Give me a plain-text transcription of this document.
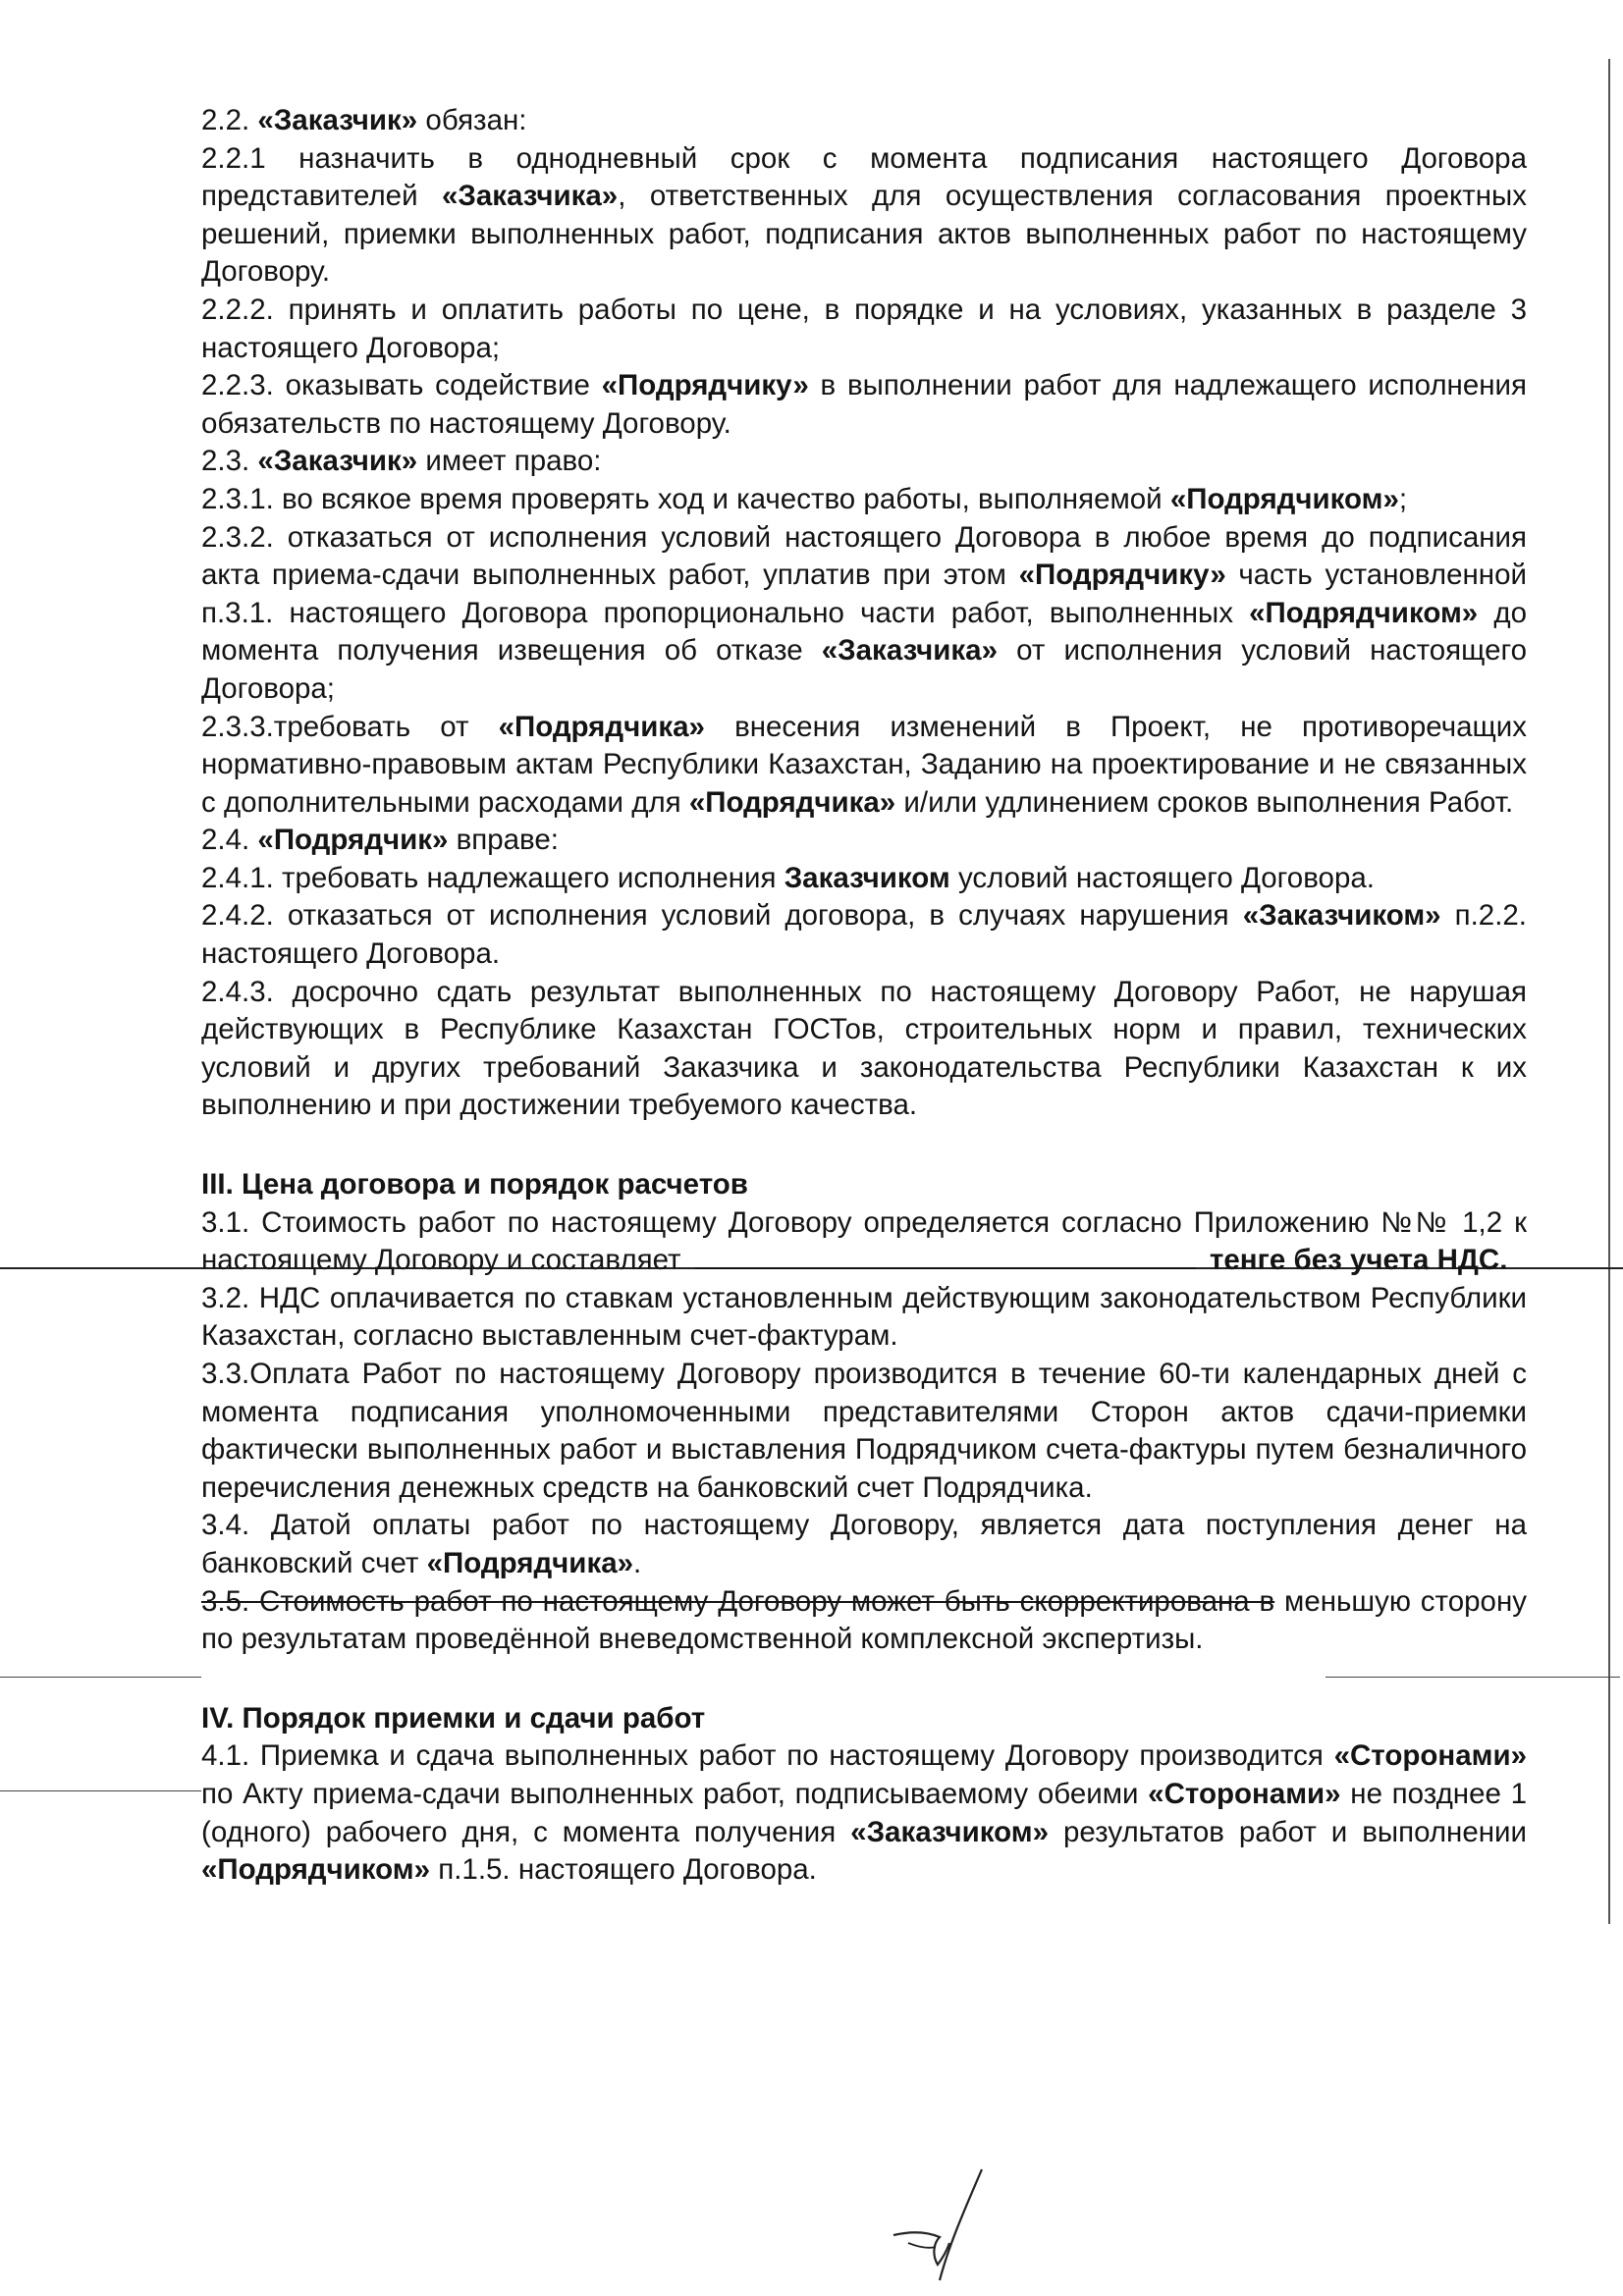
2.2. «Заказчик» обязан:

2.2.1 назначить в однодневный срок с момента подписания настоящего Договора представителей «Заказчика», ответственных для осуществления согласования проектных решений, приемки выполненных работ, подписания актов выполненных работ по настоящему Договору.

2.2.2. принять и оплатить работы по цене, в порядке и на условиях, указанных в разделе 3 настоящего Договора;

2.2.3. оказывать содействие «Подрядчику» в выполнении работ для надлежащего исполнения обязательств по настоящему Договору.

2.3. «Заказчик» имеет право:

2.3.1. во всякое время проверять ход и качество работы, выполняемой «Подрядчиком»;

2.3.2. отказаться от исполнения условий настоящего Договора в любое время до подписания акта приема-сдачи выполненных работ, уплатив при этом «Подрядчику» часть установленной п.3.1. настоящего Договора пропорционально части работ, выполненных «Подрядчиком» до момента получения извещения об отказе «Заказчика» от исполнения условий настоящего Договора;

2.3.3.требовать от «Подрядчика» внесения изменений в Проект, не противоречащих нормативно-правовым актам Республики Казахстан, Заданию на проектирование и не связанных с дополнительными расходами для «Подрядчика» и/или удлинением сроков выполнения Работ.

2.4. «Подрядчик» вправе:

2.4.1. требовать надлежащего исполнения Заказчиком условий настоящего Договора.

2.4.2. отказаться от исполнения условий договора, в случаях нарушения «Заказчиком» п.2.2. настоящего Договора.

2.4.3. досрочно сдать результат выполненных по настоящему Договору Работ, не нарушая действующих в Республике Казахстан ГОСТов, строительных норм и правил, технических условий и других требований Заказчика и законодательства Республики Казахстан к их выполнению и при достижении требуемого качества.

III. Цена договора и порядок расчетов

3.1. Стоимость работ по настоящему Договору определяется согласно Приложению №№ 1,2 к настоящему Договору и составляет	тенге без учета НДС.

3.2. НДС оплачивается по ставкам установленным действующим законодательством Республики Казахстан, согласно выставленным счет-фактурам.

3.3.Оплата Работ по настоящему Договору производится в течение 60-ти календарных дней с момента подписания уполномоченными представителями Сторон актов сдачи-приемки фактически выполненных работ и выставления Подрядчиком счета-фактуры путем безналичного перечисления денежных средств на банковский счет Подрядчика.

3.4. Датой оплаты работ по настоящему Договору, является дата поступления денег на банковский счет «Подрядчика».

3.5. Стоимость работ по настоящему Договору может быть скорректирована в меньшую сторону по результатам проведённой вневедомственной комплексной экспертизы.

IV. Порядок приемки и сдачи работ

4.1. Приемка и сдача выполненных работ по настоящему Договору производится «Сторонами» по Акту приема-сдачи выполненных работ, подписываемому обеими «Сторонами» не позднее 1 (одного) рабочего дня, с момента получения «Заказчиком» результатов работ и выполнении «Подрядчиком» п.1.5. настоящего Договора.
